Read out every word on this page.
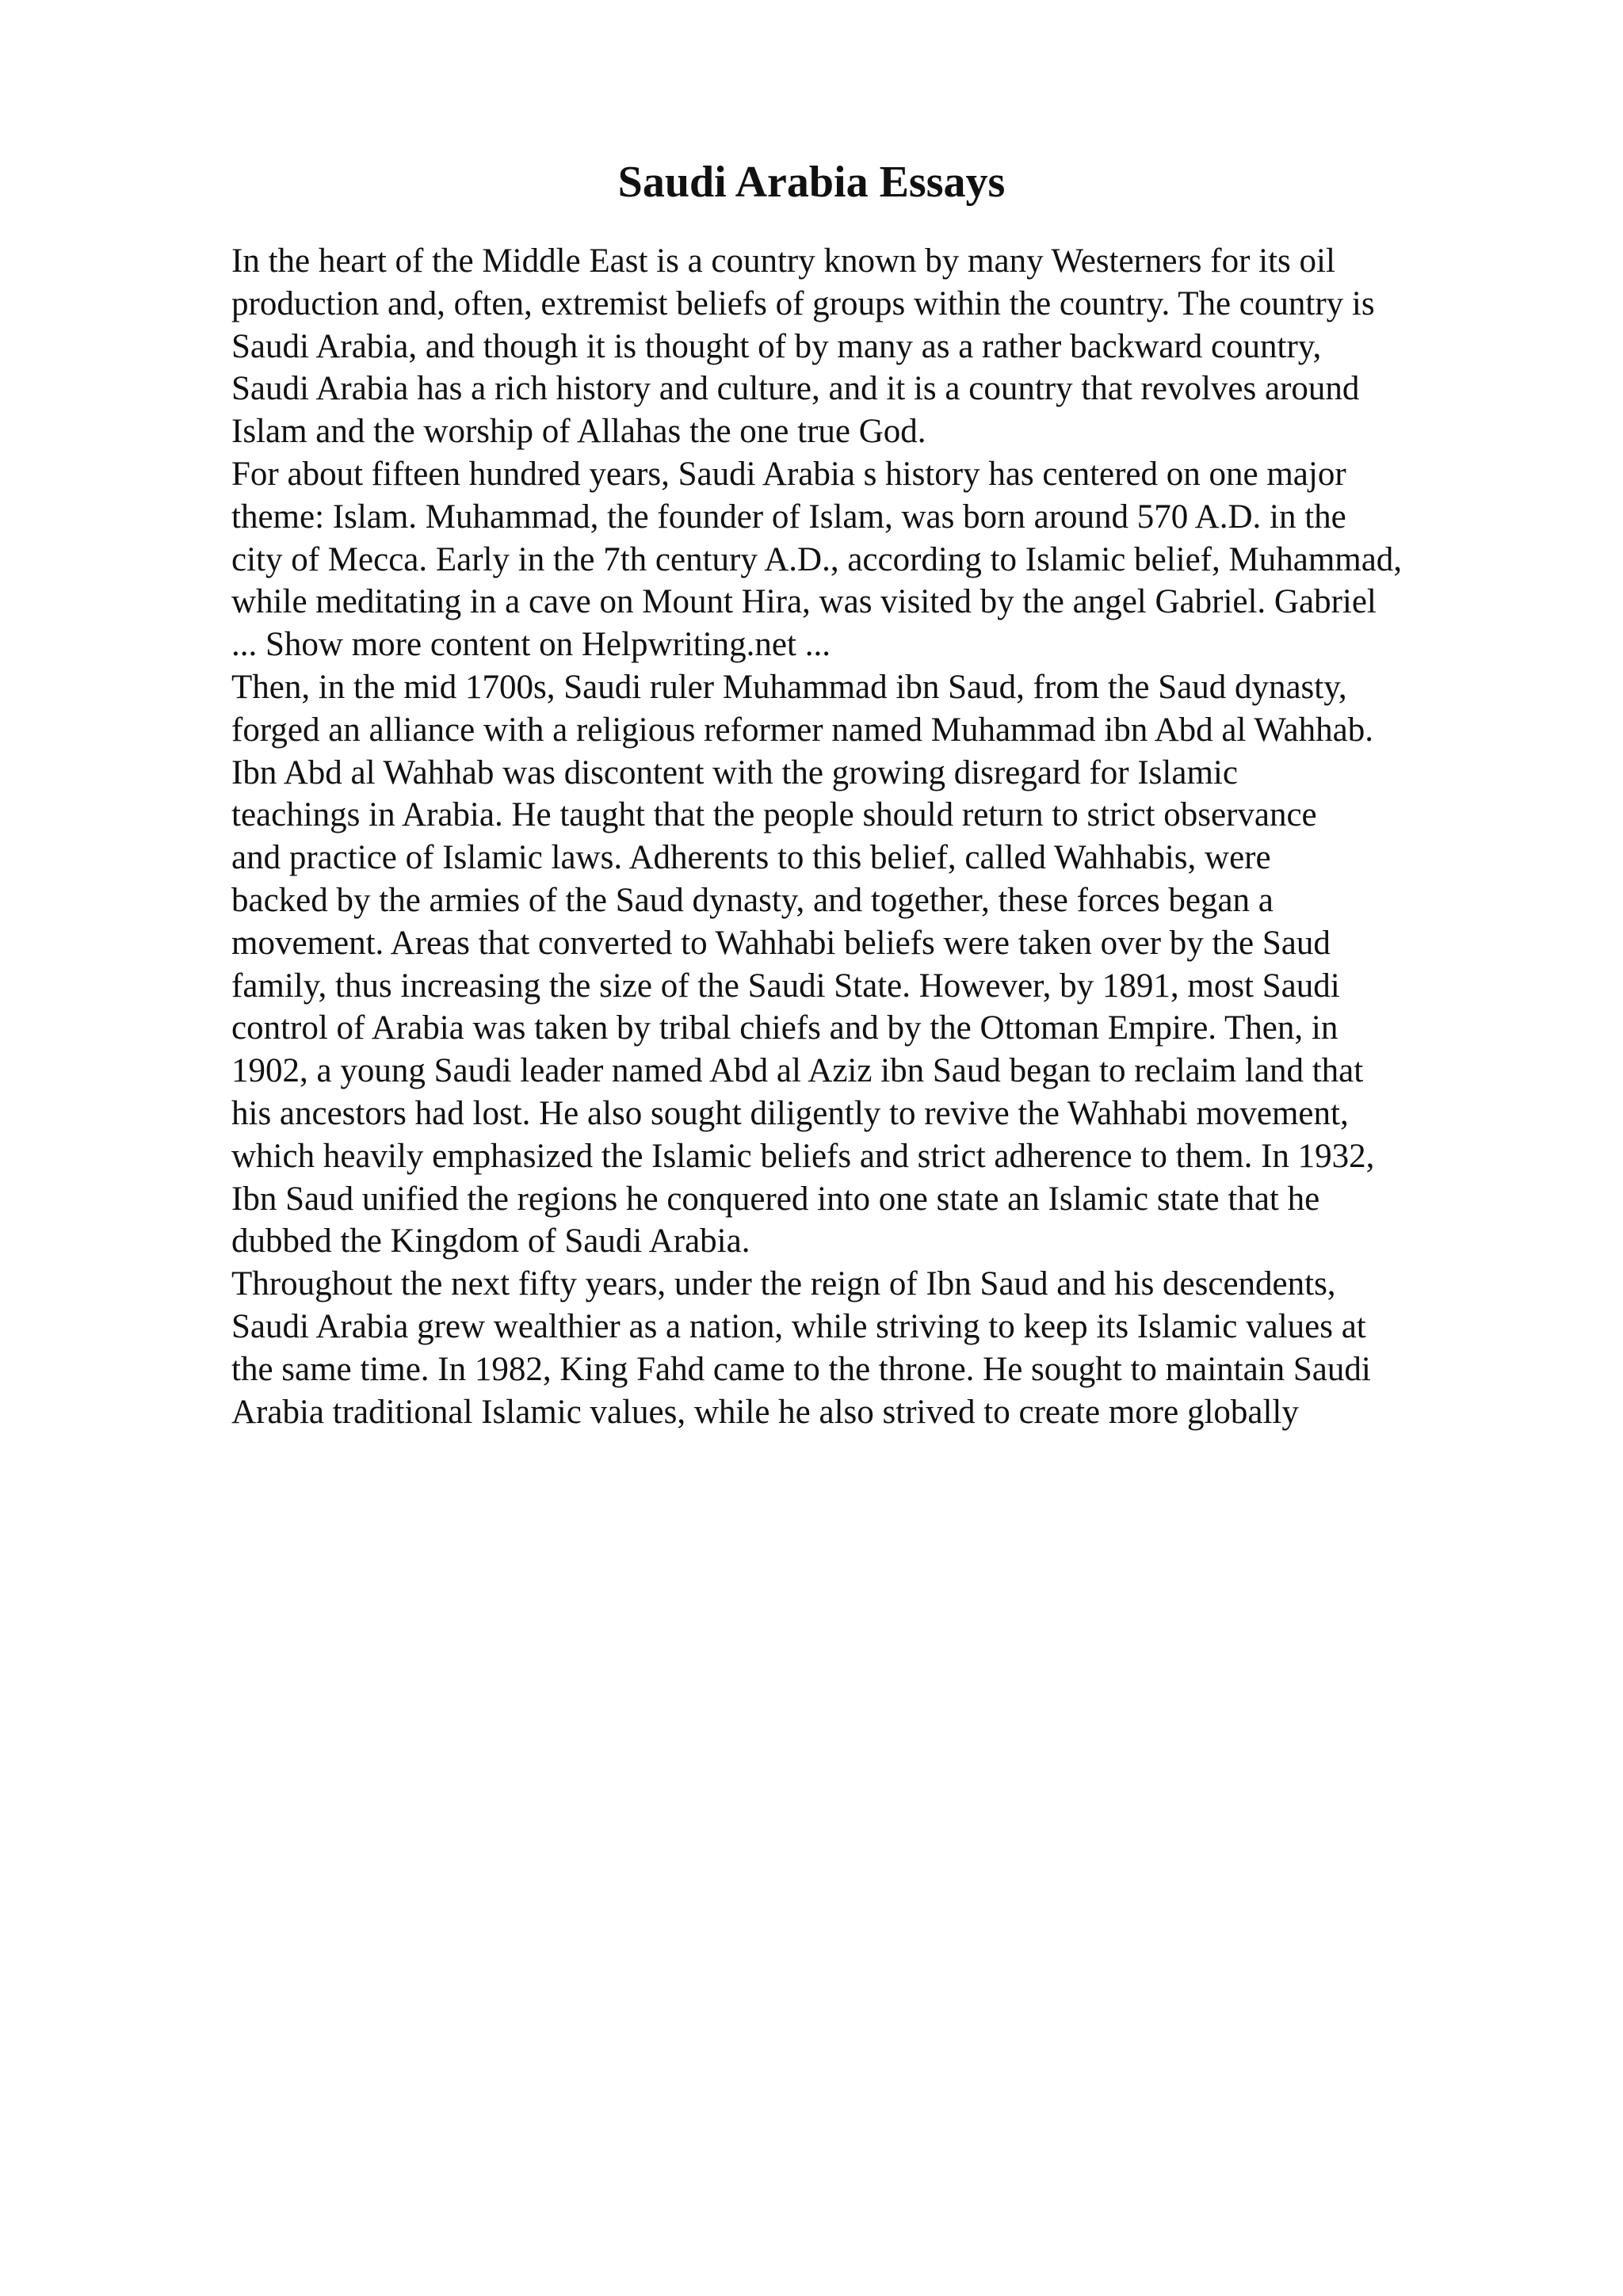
Saudi Arabia Essays
In the heart of the Middle East is a country known by many Westerners for its oil
production and, often, extremist beliefs of groups within the country. The country is
Saudi Arabia, and though it is thought of by many as a rather backward country,
Saudi Arabia has a rich history and culture, and it is a country that revolves around
Islam and the worship of Allahas the one true God.
For about fifteen hundred years, Saudi Arabia s history has centered on one major
theme: Islam. Muhammad, the founder of Islam, was born around 570 A.D. in the
city of Mecca. Early in the 7th century A.D., according to Islamic belief, Muhammad,
while meditating in a cave on Mount Hira, was visited by the angel Gabriel. Gabriel
... Show more content on Helpwriting.net ...
Then, in the mid 1700s, Saudi ruler Muhammad ibn Saud, from the Saud dynasty,
forged an alliance with a religious reformer named Muhammad ibn Abd al Wahhab.
Ibn Abd al Wahhab was discontent with the growing disregard for Islamic
teachings in Arabia. He taught that the people should return to strict observance
and practice of Islamic laws. Adherents to this belief, called Wahhabis, were
backed by the armies of the Saud dynasty, and together, these forces began a
movement. Areas that converted to Wahhabi beliefs were taken over by the Saud
family, thus increasing the size of the Saudi State. However, by 1891, most Saudi
control of Arabia was taken by tribal chiefs and by the Ottoman Empire. Then, in
1902, a young Saudi leader named Abd al Aziz ibn Saud began to reclaim land that
his ancestors had lost. He also sought diligently to revive the Wahhabi movement,
which heavily emphasized the Islamic beliefs and strict adherence to them. In 1932,
Ibn Saud unified the regions he conquered into one state an Islamic state that he
dubbed the Kingdom of Saudi Arabia.
Throughout the next fifty years, under the reign of Ibn Saud and his descendents,
Saudi Arabia grew wealthier as a nation, while striving to keep its Islamic values at
the same time. In 1982, King Fahd came to the throne. He sought to maintain Saudi
Arabia traditional Islamic values, while he also strived to create more globally
